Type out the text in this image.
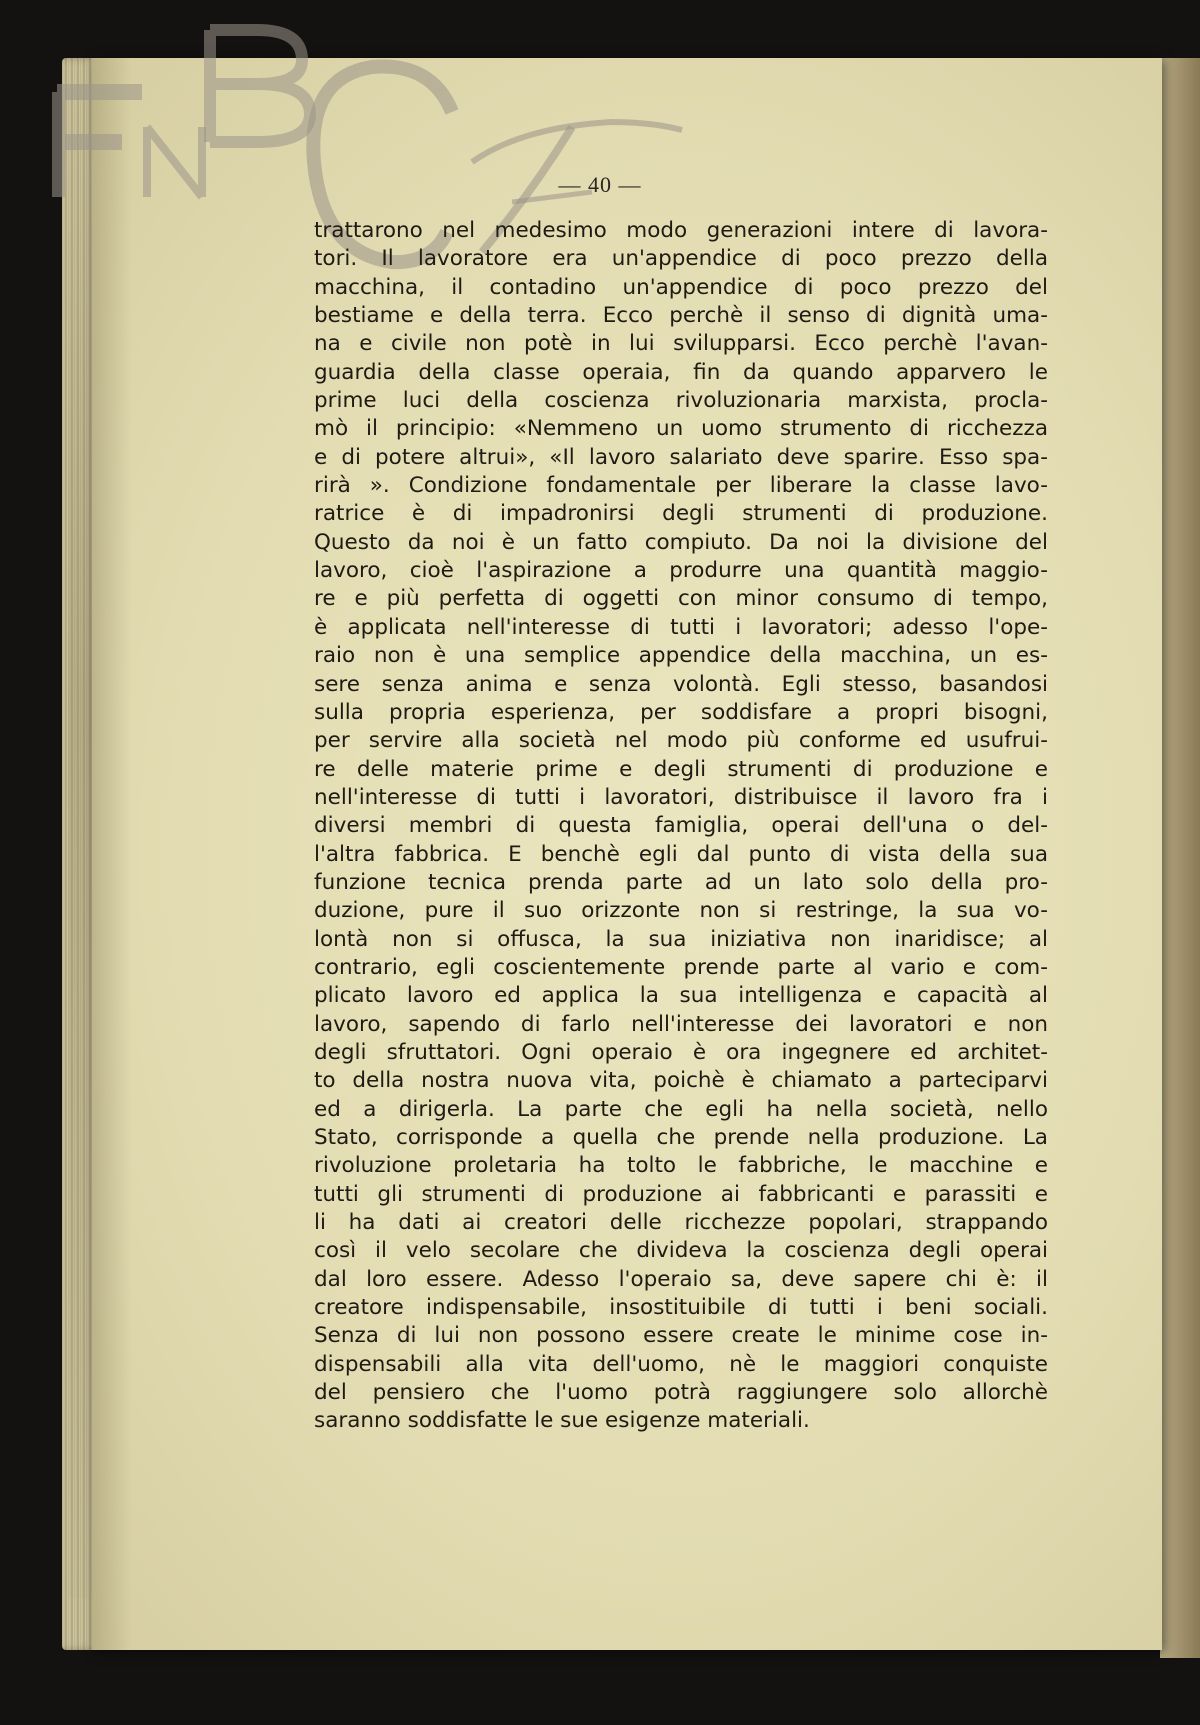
— 40 —
trattarono nel medesimo modo generazioni intere di lavora-
tori. Il lavoratore era un'appendice di poco prezzo della
macchina, il contadino un'appendice di poco prezzo del
bestiame e della terra. Ecco perchè il senso di dignità uma-
na e civile non potè in lui svilupparsi. Ecco perchè l'avan-
guardia della classe operaia, fin da quando apparvero le
prime luci della coscienza rivoluzionaria marxista, procla-
mò il principio: «Nemmeno un uomo strumento di ricchezza
e di potere altrui», «Il lavoro salariato deve sparire. Esso spa-
rirà ». Condizione fondamentale per liberare la classe lavo-
ratrice è di impadronirsi degli strumenti di produzione.
Questo da noi è un fatto compiuto. Da noi la divisione del
lavoro, cioè l'aspirazione a produrre una quantità maggio-
re e più perfetta di oggetti con minor consumo di tempo,
è applicata nell'interesse di tutti i lavoratori; adesso l'ope-
raio non è una semplice appendice della macchina, un es-
sere senza anima e senza volontà. Egli stesso, basandosi
sulla propria esperienza, per soddisfare a propri bisogni,
per servire alla società nel modo più conforme ed usufrui-
re delle materie prime e degli strumenti di produzione e
nell'interesse di tutti i lavoratori, distribuisce il lavoro fra i
diversi membri di questa famiglia, operai dell'una o del-
l'altra fabbrica. E benchè egli dal punto di vista della sua
funzione tecnica prenda parte ad un lato solo della pro-
duzione, pure il suo orizzonte non si restringe, la sua vo-
lontà non si offusca, la sua iniziativa non inaridisce; al
contrario, egli coscientemente prende parte al vario e com-
plicato lavoro ed applica la sua intelligenza e capacità al
lavoro, sapendo di farlo nell'interesse dei lavoratori e non
degli sfruttatori. Ogni operaio è ora ingegnere ed architet-
to della nostra nuova vita, poichè è chiamato a parteciparvi
ed a dirigerla. La parte che egli ha nella società, nello
Stato, corrisponde a quella che prende nella produzione. La
rivoluzione proletaria ha tolto le fabbriche, le macchine e
tutti gli strumenti di produzione ai fabbricanti e parassiti e
li ha dati ai creatori delle ricchezze popolari, strappando
così il velo secolare che divideva la coscienza degli operai
dal loro essere. Adesso l'operaio sa, deve sapere chi è: il
creatore indispensabile, insostituibile di tutti i beni sociali.
Senza di lui non possono essere create le minime cose in-
dispensabili alla vita dell'uomo, nè le maggiori conquiste
del pensiero che l'uomo potrà raggiungere solo allorchè
saranno soddisfatte le sue esigenze materiali.
